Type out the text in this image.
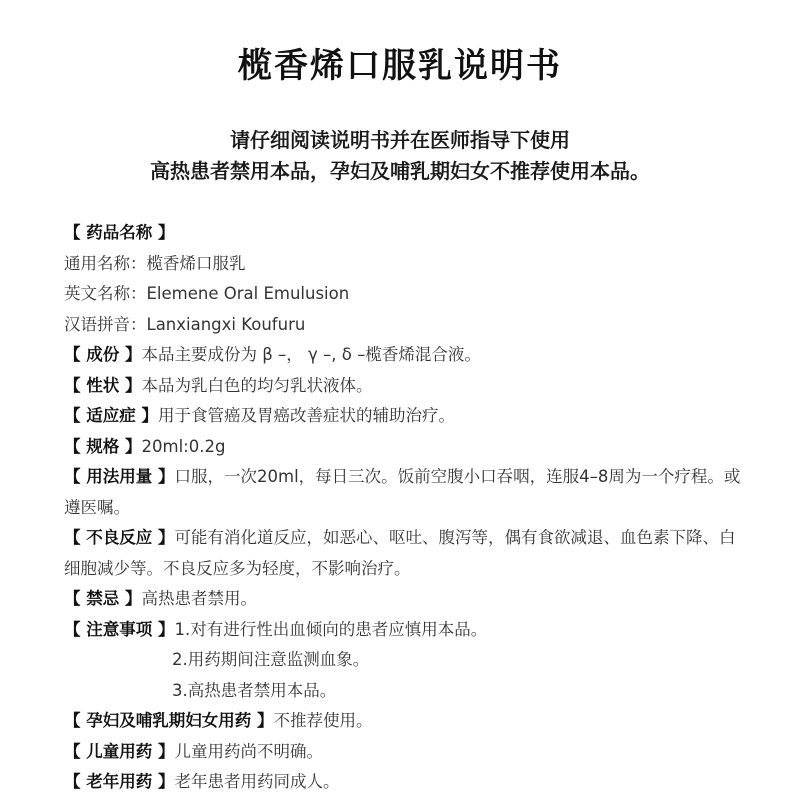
榄香烯口服乳说明书
请仔细阅读说明书并在医师指导下使用
高热患者禁用本品，孕妇及哺乳期妇女不推荐使用本品。
【 药品名称 】
通用名称：榄香烯口服乳
英文名称：Elemene Oral Emulusion
汉语拼音：Lanxiangxi Koufuru
【 成份 】本品主要成份为 β –， γ –, δ –榄香烯混合液。
【 性状 】本品为乳白色的均匀乳状液体。
【 适应症 】用于食管癌及胃癌改善症状的辅助治疗。
【 规格 】20ml:0.2g
【 用法用量 】口服，一次20ml，每日三次。饭前空腹小口吞咽，连服4–8周为一个疗程。或遵医嘱。
【 不良反应 】可能有消化道反应，如恶心、呕吐、腹泻等，偶有食欲减退、血色素下降、白细胞减少等。不良反应多为轻度，不影响治疗。
【 禁忌 】高热患者禁用。
【 注意事项 】1.对有进行性出血倾向的患者应慎用本品。
2.用药期间注意监测血象。
3.高热患者禁用本品。
【 孕妇及哺乳期妇女用药 】不推荐使用。
【 儿童用药 】儿童用药尚不明确。
【 老年用药 】老年患者用药同成人。
